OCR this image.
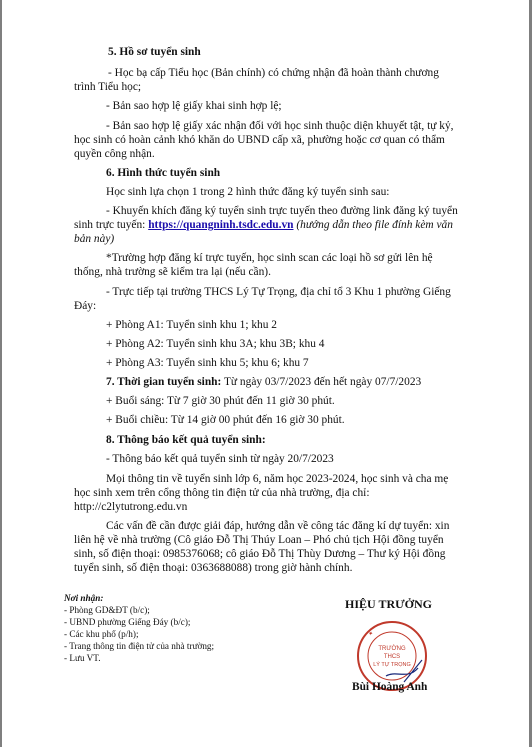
5. Hồ sơ tuyển sinh
- Học bạ cấp Tiểu học (Bản chính) có chứng nhận đã hoàn thành chương
trình Tiểu học;
- Bản sao hợp lệ giấy khai sinh hợp lệ;
- Bản sao hợp lệ giấy xác nhận đối với học sinh thuộc diện khuyết tật, tự kỷ,
học sinh có hoàn cảnh khó khăn do UBND cấp xã, phường hoặc cơ quan có thẩm
quyền công nhận.
6. Hình thức tuyển sinh
Học sinh lựa chọn 1 trong 2 hình thức đăng ký tuyển sinh sau:
- Khuyến khích đăng ký tuyển sinh trực tuyến theo đường link đăng ký tuyển
sinh trực tuyến: https://quangninh.tsdc.edu.vn (hướng dẫn theo file đính kèm văn
bản này)
*Trường hợp đăng kí trực tuyến, học sinh scan các loại hồ sơ gửi lên hệ
thống, nhà trường sẽ kiểm tra lại (nếu cần).
- Trực tiếp tại trường THCS Lý Tự Trọng, địa chỉ tổ 3 Khu 1 phường Giếng
Đáy:
+ Phòng A1: Tuyển sinh khu 1; khu 2
+ Phòng A2: Tuyển sinh khu 3A; khu 3B; khu 4
+ Phòng A3: Tuyển sinh khu 5; khu 6; khu 7
7. Thời gian tuyển sinh: Từ ngày 03/7/2023 đến hết ngày 07/7/2023
+ Buổi sáng: Từ 7 giờ 30 phút đến 11 giờ 30 phút.
+ Buổi chiều: Từ 14 giờ 00 phút đến 16 giờ 30 phút.
8. Thông báo kết quả tuyển sinh:
- Thông báo kết quả tuyển sinh từ ngày 20/7/2023
Mọi thông tin về tuyển sinh lớp 6, năm học 2023-2024, học sinh và cha mẹ
học sinh xem trên cổng thông tin điện tử của nhà trường, địa chỉ:
http://c2lytutrong.edu.vn
Các vấn đề cần được giải đáp, hướng dẫn về công tác đăng kí dự tuyển: xin
liên hệ về nhà trường (Cô giáo Đỗ Thị Thúy Loan – Phó chủ tịch Hội đồng tuyển
sinh, số điện thoại: 0985376068; cô giáo Đỗ Thị Thùy Dương – Thư ký Hội đồng
tuyển sinh, số điện thoại: 0363688088) trong giờ hành chính.
Nơi nhận:
- Phòng GD&ĐT (b/c);
- UBND phường Giếng Đáy (b/c);
- Các khu phố (p/h);
- Trang thông tin điện tử của nhà trường;
- Lưu VT.
HIỆU TRƯỞNG
TRƯỜNG
THCS
LÝ TỰ TRỌNG
★
Bùi Hoàng Anh
